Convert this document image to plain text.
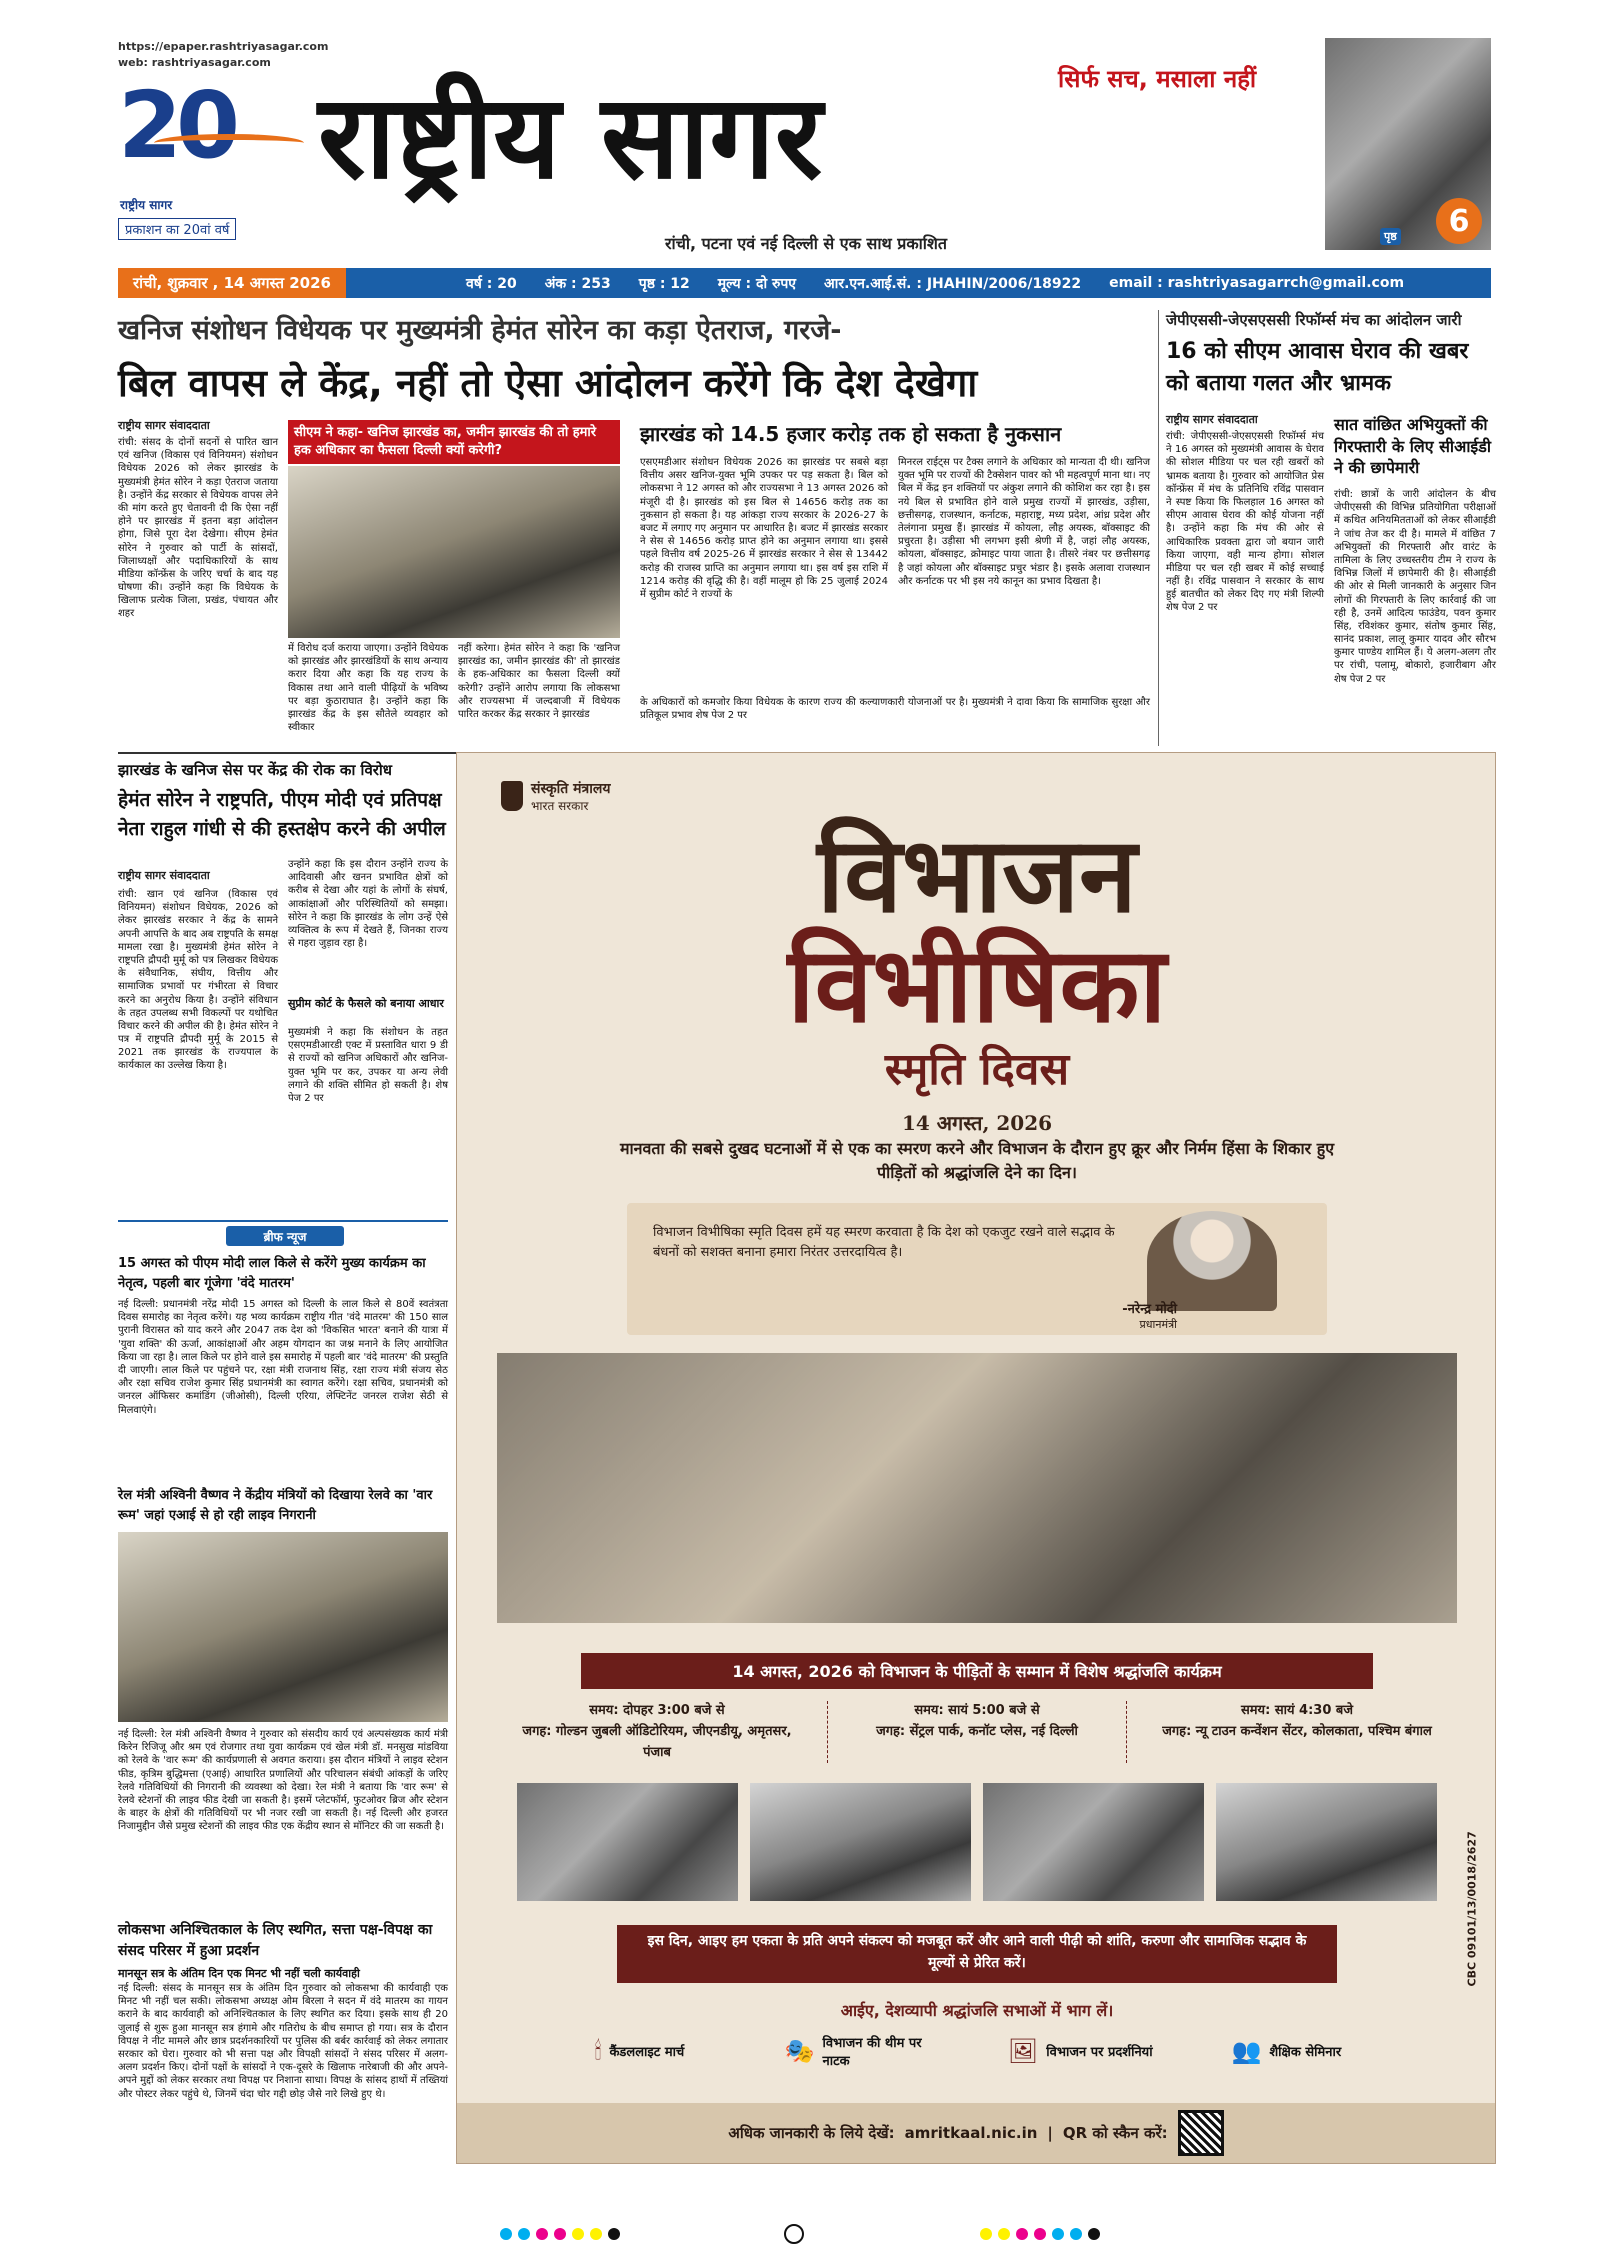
https://epaper.rashtriyasagar.com
web: rashtriyasagar.com
20
राष्ट्रीय सागर
प्रकाशन का 20वां वर्ष
राष्ट्रीय सागर	सिर्फ सच, मसाला नहीं
रांची, पटना एवं नई दिल्ली से एक साथ प्रकाशित
6
पृष्ठ
रांची, शुक्रवार , 14 अगस्त 2026	वर्ष : 20 अंक : 253 पृष्ठ : 12 मूल्य : दो रुपए आर.एन.आई.सं. : JHAHIN/2006/18922 email : rashtriyasagarrch@gmail.com
खनिज संशोधन विधेयक पर मुख्यमंत्री हेमंत सोरेन का कड़ा ऐतराज, गरजे-
बिल वापस ले केंद्र, नहीं तो ऐसा आंदोलन करेंगे कि देश देखेगा
राष्ट्रीय सागर संवाददाता
रांची: संसद के दोनों सदनों से पारित खान एवं खनिज (विकास एवं विनियमन) संशोधन विधेयक 2026 को लेकर झारखंड के मुख्यमंत्री हेमंत सोरेन ने कड़ा ऐतराज जताया है। उन्होंने केंद्र सरकार से विधेयक वापस लेने की मांग करते हुए चेतावनी दी कि ऐसा नहीं होने पर झारखंड में इतना बड़ा आंदोलन होगा, जिसे पूरा देश देखेगा। सीएम हेमंत सोरेन ने गुरुवार को पार्टी के सांसदों, जिलाध्यक्षों और पदाधिकारियों के साथ मीडिया कॉन्फ्रेंस के जरिए चर्चा के बाद यह घोषणा की। उन्होंने कहा कि विधेयक के खिलाफ प्रत्येक जिला, प्रखंड, पंचायत और शहर
सीएम ने कहा- खनिज झारखंड का, जमीन झारखंड की तो हमारे हक अधिकार का फैसला दिल्ली क्यों करेगी?
में विरोध दर्ज कराया जाएगा। उन्होंने विधेयक को झारखंड और झारखंडियों के साथ अन्याय करार दिया और कहा कि यह राज्य के विकास तथा आने वाली पीढ़ियों के भविष्य पर बड़ा कुठाराघात है। उन्होंने कहा कि झारखंड केंद्र के इस सौतेले व्यवहार को स्वीकार
नहीं करेगा। हेमंत सोरेन ने कहा कि 'खनिज झारखंड का, जमीन झारखंड की' तो झारखंड के हक-अधिकार का फैसला दिल्ली क्यों करेगी? उन्होंने आरोप लगाया कि लोकसभा और राज्यसभा में जल्दबाजी में विधेयक पारित करकर केंद्र सरकार ने झारखंड
झारखंड को 14.5 हजार करोड़ तक हो सकता है नुकसान
एसएमडीआर संशोधन विधेयक 2026 का झारखंड पर सबसे बड़ा वित्तीय असर खनिज-युक्त भूमि उपकर पर पड़ सकता है। बिल को लोकसभा ने 12 अगस्त को और राज्यसभा ने 13 अगस्त 2026 को मंजूरी दी है। झारखंड को इस बिल से 14656 करोड़ तक का नुकसान हो सकता है। यह आंकड़ा राज्य सरकार के 2026-27 के बजट में लगाए गए अनुमान पर आधारित है। बजट में झारखंड सरकार ने सेस से 14656 करोड़ प्राप्त होने का अनुमान लगाया था। इससे पहले वित्तीय वर्ष 2025-26 में झारखंड सरकार ने सेस से 13442 करोड़ की राजस्व प्राप्ति का अनुमान लगाया था। इस वर्ष इस राशि में 1214 करोड़ की वृद्धि की है। वहीं मालूम हो कि 25 जुलाई 2024 में सुप्रीम कोर्ट ने राज्यों के
मिनरल राईट्स पर टैक्स लगाने के अधिकार को मान्यता दी थी। खनिज युक्त भूमि पर राज्यों की टैक्सेशन पावर को भी महत्वपूर्ण माना था। नए बिल में केंद्र इन शक्तियों पर अंकुश लगाने की कोशिश कर रहा है। इस नये बिल से प्रभावित होने वाले प्रमुख राज्यों में झारखंड, उड़ीसा, छत्तीसगढ़, राजस्थान, कर्नाटक, महाराष्ट्र, मध्य प्रदेश, आंध्र प्रदेश और तेलंगाना प्रमुख हैं। झारखंड में कोयला, लौह अयस्क, बॉक्साइट की प्रचुरता है। उड़ीसा भी लगभग इसी श्रेणी में है, जहां लौह अयस्क, कोयला, बॉक्साइट, क्रोमाइट पाया जाता है। तीसरे नंबर पर छत्तीसगढ़ है जहां कोयला और बॉक्साइट प्रचुर भंडार है। इसके अलावा राजस्थान और कर्नाटक पर भी इस नये कानून का प्रभाव दिखता है।
के अधिकारों को कमजोर किया विधेयक के कारण राज्य की कल्याणकारी योजनाओं पर है। मुख्यमंत्री ने दावा किया कि सामाजिक सुरक्षा और प्रतिकूल प्रभाव शेष पेज 2 पर
जेपीएससी-जेएसएससी रिफॉर्म्स मंच का आंदोलन जारी
16 को सीएम आवास घेराव की खबर को बताया गलत और भ्रामक
राष्ट्रीय सागर संवाददाता
रांची: जेपीएससी-जेएसएससी रिफॉर्म्स मंच ने 16 अगस्त को मुख्यमंत्री आवास के घेराव की सोशल मीडिया पर चल रही खबरों को भ्रामक बताया है। गुरुवार को आयोजित प्रेस कॉन्फ्रेंस में मंच के प्रतिनिधि रविंद्र पासवान ने स्पष्ट किया कि फिलहाल 16 अगस्त को सीएम आवास घेराव की कोई योजना नहीं है। उन्होंने कहा कि मंच की ओर से आधिकारिक प्रवक्ता द्वारा जो बयान जारी किया जाएगा, वही मान्य होगा। सोशल मीडिया पर चल रही खबर में कोई सच्चाई नहीं है। रविंद्र पासवान ने सरकार के साथ हुई बातचीत को लेकर दिए गए मंत्री शिल्पी शेष पेज 2 पर
सात वांछित अभियुक्तों की गिरफ्तारी के लिए सीआईडी ने की छापेमारी
रांची: छात्रों के जारी आंदोलन के बीच जेपीएससी की विभिन्न प्रतियोगिता परीक्षाओं में कथित अनियमितताओं को लेकर सीआईडी ने जांच तेज कर दी है। मामले में वांछित 7 अभियुक्तों की गिरफ्तारी और वारंट के तामिला के लिए उच्चस्तरीय टीम ने राज्य के विभिन्न जिलों में छापेमारी की है। सीआईडी की ओर से मिली जानकारी के अनुसार जिन लोगों की गिरफ्तारी के लिए कार्रवाई की जा रही है, उनमें आदित्य फाउंडेय, पवन कुमार सिंह, रविशंकर कुमार, संतोष कुमार सिंह, सानंद प्रकाश, लालू कुमार यादव और सौरभ कुमार पाण्डेय शामिल हैं। ये अलग-अलग तौर पर रांची, पलामू, बोकारो, हजारीबाग और शेष पेज 2 पर
झारखंड के खनिज सेस पर केंद्र की रोक का विरोध
हेमंत सोरेन ने राष्ट्रपति, पीएम मोदी एवं प्रतिपक्ष नेता राहुल गांधी से की हस्तक्षेप करने की अपील
राष्ट्रीय सागर संवाददाता
रांची: खान एवं खनिज (विकास एवं विनियमन) संशोधन विधेयक, 2026 को लेकर झारखंड सरकार ने केंद्र के सामने अपनी आपत्ति के बाद अब राष्ट्रपति के समक्ष मामला रखा है। मुख्यमंत्री हेमंत सोरेन ने राष्ट्रपति द्रौपदी मुर्मू को पत्र लिखकर विधेयक के संवैधानिक, संघीय, वित्तीय और सामाजिक प्रभावों पर गंभीरता से विचार करने का अनुरोध किया है। उन्होंने संविधान के तहत उपलब्ध सभी विकल्पों पर यथोचित विचार करने की अपील की है। हेमंत सोरेन ने पत्र में राष्ट्रपति द्रौपदी मुर्मू के 2015 से 2021 तक झारखंड के राज्यपाल के कार्यकाल का उल्लेख किया है।
उन्होंने कहा कि इस दौरान उन्होंने राज्य के आदिवासी और खनन प्रभावित क्षेत्रों को करीब से देखा और यहां के लोगों के संघर्ष, आकांक्षाओं और परिस्थितियों को समझा। सोरेन ने कहा कि झारखंड के लोग उन्हें ऐसे व्यक्तित्व के रूप में देखते हैं, जिनका राज्य से गहरा जुड़ाव रहा है।
सुप्रीम कोर्ट के फैसले को बनाया आधार
मुख्यमंत्री ने कहा कि संशोधन के तहत एसएमडीआरडी एक्ट में प्रस्तावित धारा 9 डी से राज्यों को खनिज अधिकारों और खनिज-युक्त भूमि पर कर, उपकर या अन्य लेवी लगाने की शक्ति सीमित हो सकती है। शेष पेज 2 पर
ब्रीफ न्यूज
15 अगस्त को पीएम मोदी लाल किले से करेंगे मुख्य कार्यक्रम का नेतृत्व, पहली बार गूंजेगा 'वंदे मातरम'
नई दिल्ली: प्रधानमंत्री नरेंद्र मोदी 15 अगस्त को दिल्ली के लाल किले से 80वें स्वतंत्रता दिवस समारोह का नेतृत्व करेंगे। यह भव्य कार्यक्रम राष्ट्रीय गीत 'वंदे मातरम' की 150 साल पुरानी विरासत को याद करने और 2047 तक देश को 'विकसित भारत' बनाने की यात्रा में 'युवा शक्ति' की ऊर्जा, आकांक्षाओं और अहम योगदान का जश्न मनाने के लिए आयोजित किया जा रहा है। लाल किले पर होने वाले इस समारोह में पहली बार 'वंदे मातरम' की प्रस्तुति दी जाएगी। लाल किले पर पहुंचने पर, रक्षा मंत्री राजनाथ सिंह, रक्षा राज्य मंत्री संजय सेठ और रक्षा सचिव राजेश कुमार सिंह प्रधानमंत्री का स्वागत करेंगे। रक्षा सचिव, प्रधानमंत्री को जनरल ऑफिसर कमांडिंग (जीओसी), दिल्ली एरिया, लेफ्टिनेंट जनरल राजेश सेठी से मिलवाएंगे।
रेल मंत्री अश्विनी वैष्णव ने केंद्रीय मंत्रियों को दिखाया रेलवे का 'वार रूम' जहां एआई से हो रही लाइव निगरानी
नई दिल्ली: रेल मंत्री अश्विनी वैष्णव ने गुरुवार को संसदीय कार्य एवं अल्पसंख्यक कार्य मंत्री किरेन रिजिजू और श्रम एवं रोजगार तथा युवा कार्यक्रम एवं खेल मंत्री डॉ. मनसुख मांडविया को रेलवे के 'वार रूम' की कार्यप्रणाली से अवगत कराया। इस दौरान मंत्रियों ने लाइव स्टेशन फीड, कृत्रिम बुद्धिमत्ता (एआई) आधारित प्रणालियों और परिचालन संबंधी आंकड़ों के जरिए रेलवे गतिविधियों की निगरानी की व्यवस्था को देखा। रेल मंत्री ने बताया कि 'वार रूम' से रेलवे स्टेशनों की लाइव फीड देखी जा सकती है। इसमें प्लेटफॉर्म, फुटओवर ब्रिज और स्टेशन के बाहर के क्षेत्रों की गतिविधियों पर भी नजर रखी जा सकती है। नई दिल्ली और हजरत निजामुद्दीन जैसे प्रमुख स्टेशनों की लाइव फीड एक केंद्रीय स्थान से मॉनिटर की जा सकती है।
लोकसभा अनिश्चितकाल के लिए स्थगित, सत्ता पक्ष-विपक्ष का संसद परिसर में हुआ प्रदर्शन
मानसून सत्र के अंतिम दिन एक मिनट भी नहीं चली कार्यवाही
नई दिल्ली: संसद के मानसून सत्र के अंतिम दिन गुरुवार को लोकसभा की कार्यवाही एक मिनट भी नहीं चल सकी। लोकसभा अध्यक्ष ओम बिरला ने सदन में वंदे मातरम का गायन कराने के बाद कार्यवाही को अनिश्चितकाल के लिए स्थगित कर दिया। इसके साथ ही 20 जुलाई से शुरू हुआ मानसून सत्र हंगामे और गतिरोध के बीच समाप्त हो गया। सत्र के दौरान विपक्ष ने नीट मामले और छात्र प्रदर्शनकारियों पर पुलिस की बर्बर कार्रवाई को लेकर लगातार सरकार को घेरा। गुरुवार को भी सत्ता पक्ष और विपक्षी सांसदों ने संसद परिसर में अलग-अलग प्रदर्शन किए। दोनों पक्षों के सांसदों ने एक-दूसरे के खिलाफ नारेबाजी की और अपने-अपने मुद्दों को लेकर सरकार तथा विपक्ष पर निशाना साधा। विपक्ष के सांसद हाथों में तख्तियां और पोस्टर लेकर पहुंचे थे, जिनमें चंदा चोर गद्दी छोड़ जैसे नारे लिखे हुए थे।
संस्कृति मंत्रालय
भारत सरकार
विभाजन
विभीषिका
स्मृति दिवस
14 अगस्त, 2026
मानवता की सबसे दुखद घटनाओं में से एक का स्मरण करने और विभाजन के दौरान हुए क्रूर और निर्मम हिंसा के शिकार हुए पीड़ितों को श्रद्धांजलि देने का दिन।
विभाजन विभीषिका स्मृति दिवस हमें यह स्मरण करवाता है कि देश को एकजुट रखने वाले सद्भाव के बंधनों को सशक्त बनाना हमारा निरंतर उत्तरदायित्व है।
-नरेन्द्र मोदी
प्रधानमंत्री
14 अगस्त, 2026 को विभाजन के पीड़ितों के सम्मान में विशेष श्रद्धांजलि कार्यक्रम
समय: दोपहर 3:00 बजे से
जगह: गोल्डन जुबली ऑडिटोरियम, जीएनडीयू, अमृतसर, पंजाब
समय: सायं 5:00 बजे से
जगह: सेंट्रल पार्क, कनॉट प्लेस, नई दिल्ली
समय: सायं 4:30 बजे
जगह: न्यू टाउन कन्वेंशन सेंटर, कोलकाता, पश्चिम बंगाल
CBC 09101/13/0018/2627
इस दिन, आइए हम एकता के प्रति अपने संकल्प को मजबूत करें और आने वाली पीढ़ी को शांति, करुणा और सामाजिक सद्भाव के मूल्यों से प्रेरित करें।
आईए, देशव्यापी श्रद्धांजलि सभाओं में भाग लें।
🕯 कैंडललाइट मार्च	🎭 विभाजन की थीम पर नाटक	🖼 विभाजन पर प्रदर्शनियां	👥 शैक्षिक सेमिनार
अधिक जानकारी के लिये देखें: amritkaal.nic.in | QR को स्कैन करें:
